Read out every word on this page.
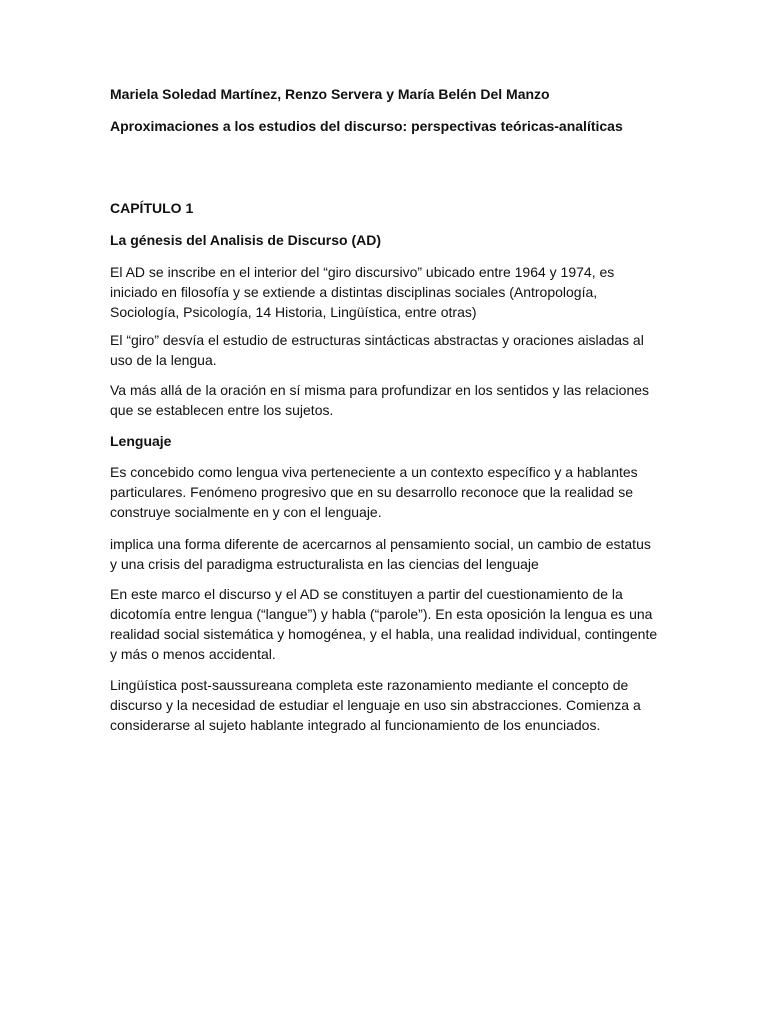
Mariela Soledad Martínez, Renzo Servera y María Belén Del Manzo

Aproximaciones a los estudios del discurso: perspectivas teóricas-analíticas

CAPÍTULO 1

La génesis del Analisis de Discurso (AD)

El AD se inscribe en el interior del “giro discursivo” ubicado entre 1964 y 1974, es iniciado en filosofía y se extiende a distintas disciplinas sociales (Antropología, Sociología, Psicología, 14 Historia, Lingüística, entre otras)

El “giro” desvía el estudio de estructuras sintácticas abstractas y oraciones aisladas al uso de la lengua.

Va más allá de la oración en sí misma para profundizar en los sentidos y las relaciones que se establecen entre los sujetos.

Lenguaje

Es concebido como lengua viva perteneciente a un contexto específico y a hablantes particulares. Fenómeno progresivo que en su desarrollo reconoce que la realidad se construye socialmente en y con el lenguaje.

implica una forma diferente de acercarnos al pensamiento social, un cambio de estatus y una crisis del paradigma estructuralista en las ciencias del lenguaje

En este marco el discurso y el AD se constituyen a partir del cuestionamiento de la dicotomía entre lengua (“langue”) y habla (“parole”). En esta oposición la lengua es una realidad social sistemática y homogénea, y el habla, una realidad individual, contingente y más o menos accidental.

Lingüística post-saussureana completa este razonamiento mediante el concepto de discurso y la necesidad de estudiar el lenguaje en uso sin abstracciones. Comienza a considerarse al sujeto hablante integrado al funcionamiento de los enunciados.
